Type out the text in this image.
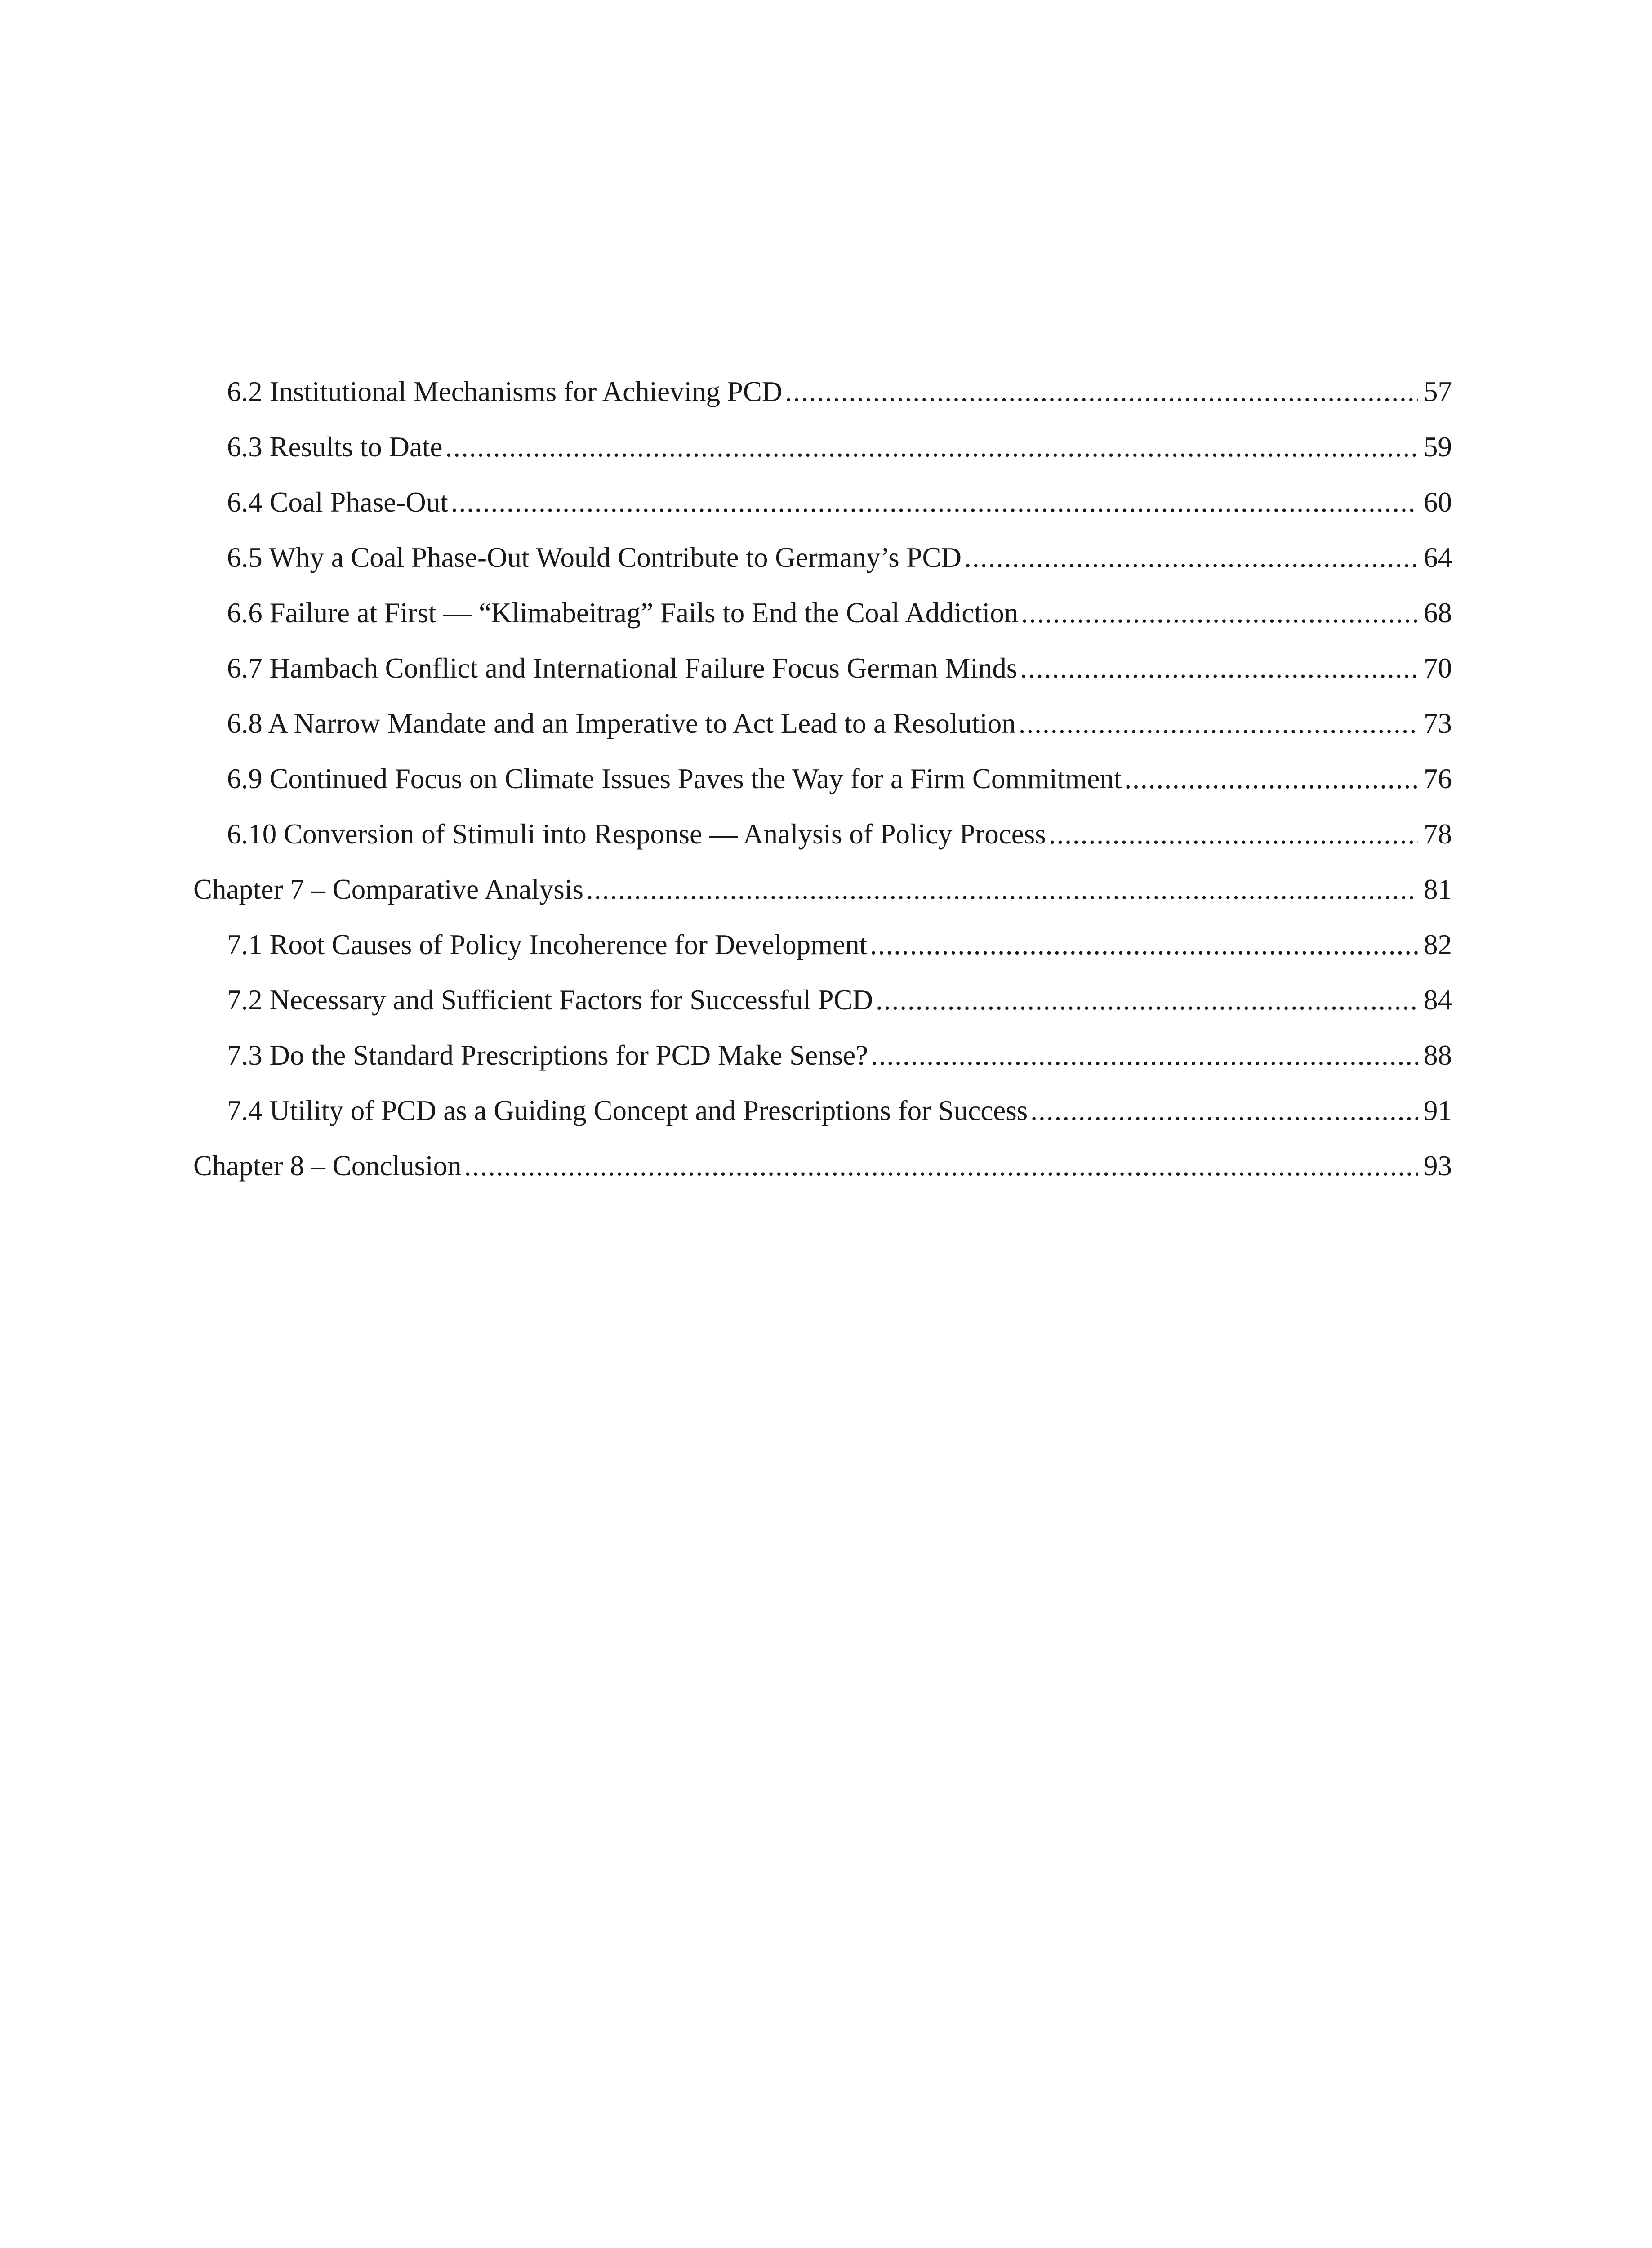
6.2 Institutional Mechanisms for Achieving PCD .....	57
6.3 Results to Date .....	59
6.4 Coal Phase-Out .....	60
6.5 Why a Coal Phase-Out Would Contribute to Germany’s PCD .....	64
6.6 Failure at First — “Klimabeitrag” Fails to End the Coal Addiction .....	68
6.7 Hambach Conflict and International Failure Focus German Minds .....	70
6.8 A Narrow Mandate and an Imperative to Act Lead to a Resolution .....	73
6.9 Continued Focus on Climate Issues Paves the Way for a Firm Commitment .....	76
6.10 Conversion of Stimuli into Response — Analysis of Policy Process .....	78
Chapter 7 – Comparative Analysis .....	81
7.1 Root Causes of Policy Incoherence for Development .....	82
7.2 Necessary and Sufficient Factors for Successful PCD .....	84
7.3 Do the Standard Prescriptions for PCD Make Sense? .....	88
7.4 Utility of PCD as a Guiding Concept and Prescriptions for Success .....	91
Chapter 8 – Conclusion .....	93
